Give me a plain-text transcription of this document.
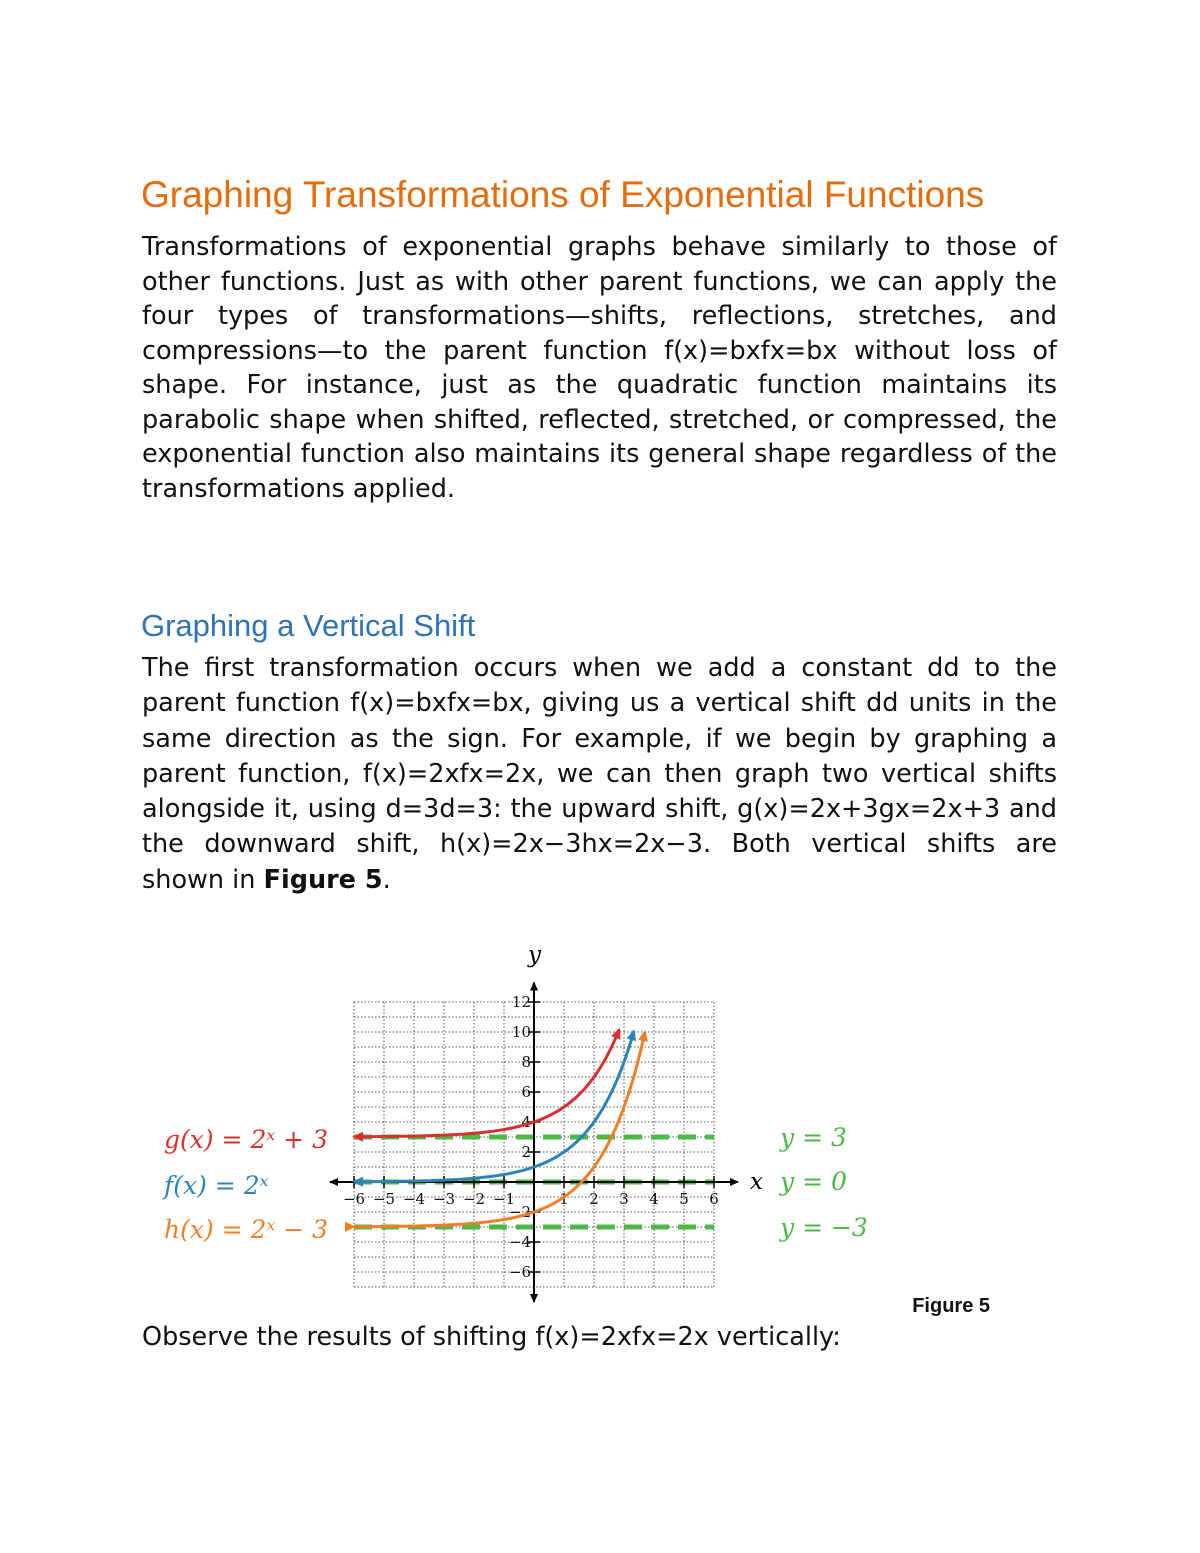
Graphing Transformations of Exponential Functions

Transformations of exponential graphs behave similarly to those of other functions. Just as with other parent functions, we can apply the four types of transformations—shifts, reflections, stretches, and compressions—to the parent function f(x)=bxfx=bx without loss of shape. For instance, just as the quadratic function maintains its parabolic shape when shifted, reflected, stretched, or compressed, the exponential function also maintains its general shape regardless of the transformations applied.

Graphing a Vertical Shift

The first transformation occurs when we add a constant dd to the parent function f(x)=bxfx=bx, giving us a vertical shift dd units in the same direction as the sign. For example, if we begin by graphing a parent function, f(x)=2xfx=2x, we can then graph two vertical shifts alongside it, using d=3d=3: the upward shift, g(x)=2x+3gx=2x+3 and the downward shift, h(x)=2x−3hx=2x−3. Both vertical shifts are shown in Figure 5.

−6 −5 −4 −3 −2 −1	1 2 3 4 5 6
−6
−4
−2
2
4
6
8
10
12
g(x) = 2ˣ + 3
f(x) = 2ˣ
h(x) = 2ˣ − 3
y = 3
y = 0
y = −3
x
y
Figure 5

Observe the results of shifting f(x)=2xfx=2x vertically:
